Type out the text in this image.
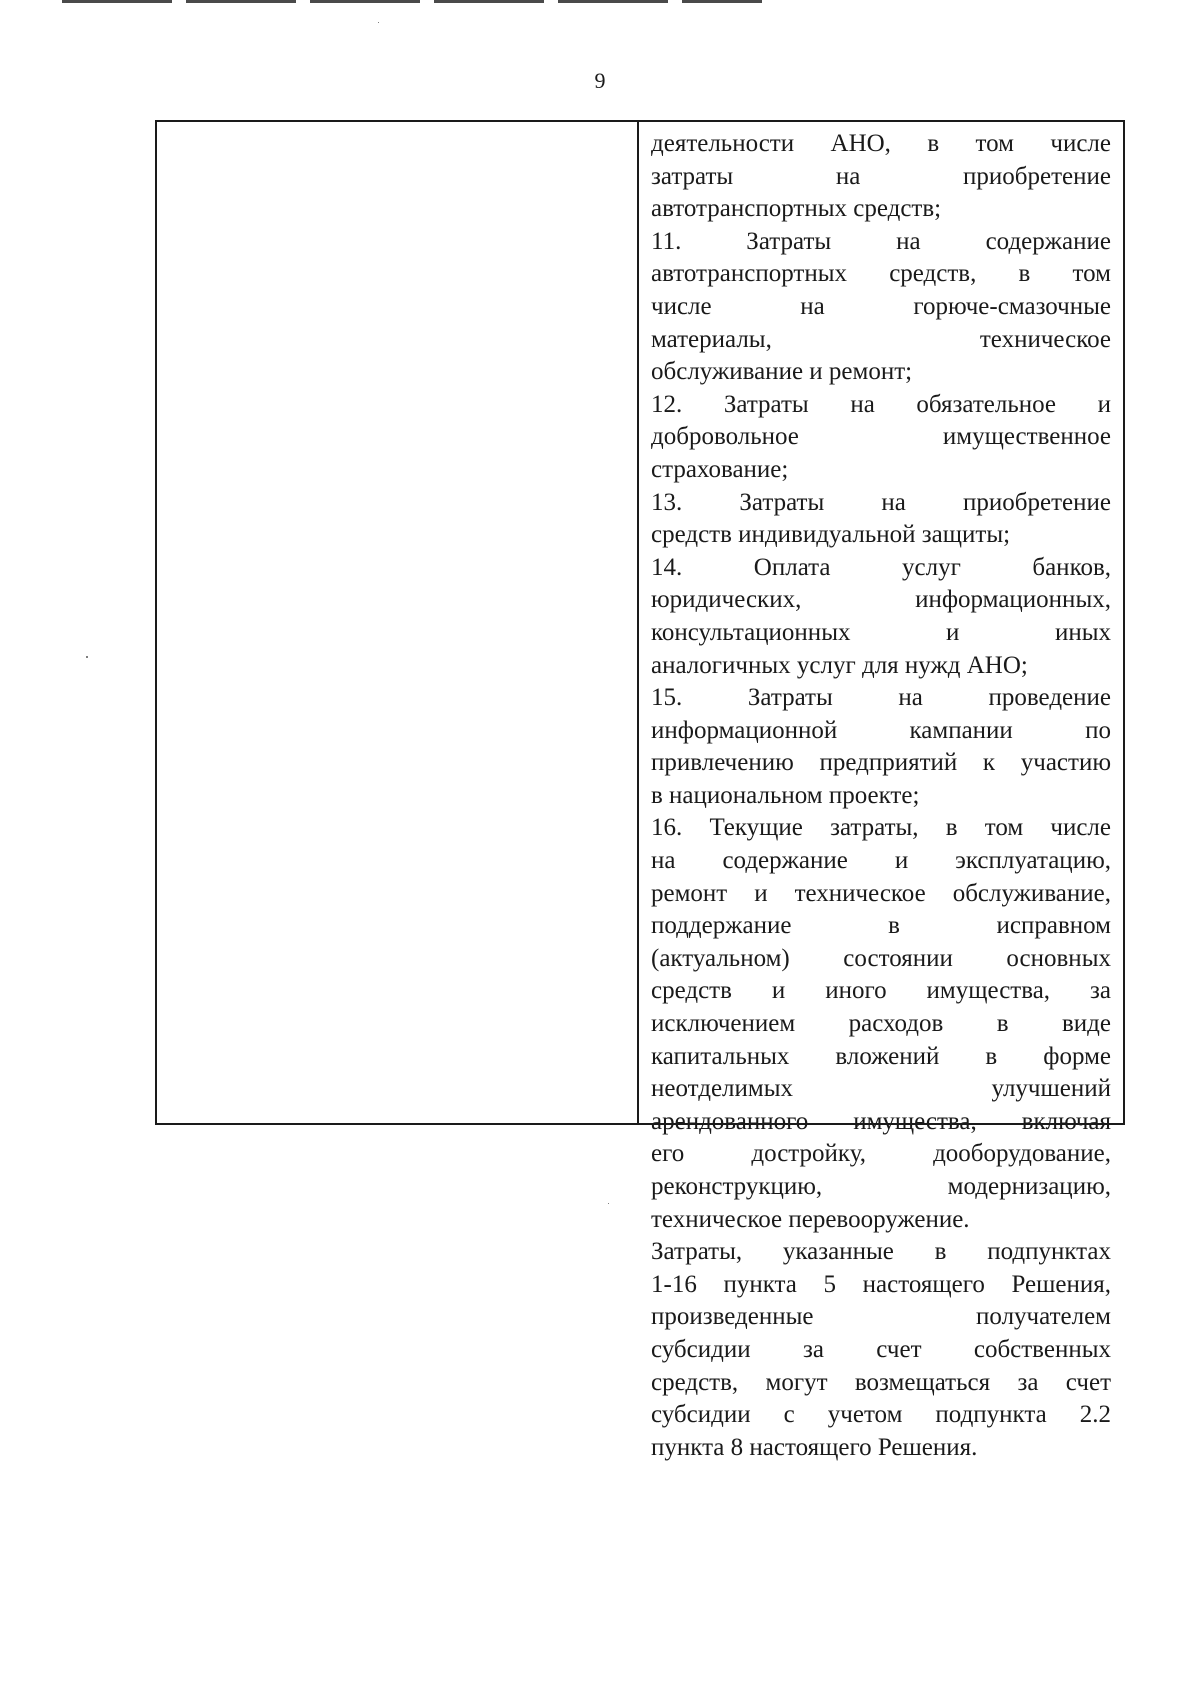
9
деятельности АНО, в том числе
затраты на приобретение
автотранспортных средств;
11. Затраты на содержание
автотранспортных средств, в том
числе на горюче-смазочные
материалы, техническое
обслуживание и ремонт;
12. Затраты на обязательное и
добровольное имущественное
страхование;
13. Затраты на приобретение
средств индивидуальной защиты;
14. Оплата услуг банков,
юридических, информационных,
консультационных и иных
аналогичных услуг для нужд АНО;
15. Затраты на проведение
информационной кампании по
привлечению предприятий к участию
в национальном проекте;
16. Текущие затраты, в том числе
на содержание и эксплуатацию,
ремонт и техническое обслуживание,
поддержание в исправном
(актуальном) состоянии основных
средств и иного имущества, за
исключением расходов в виде
капитальных вложений в форме
неотделимых улучшений
арендованного имущества, включая
его достройку, дооборудование,
реконструкцию, модернизацию,
техническое перевооружение.
Затраты, указанные в подпунктах
1-16 пункта 5 настоящего Решения,
произведенные получателем
субсидии за счет собственных
средств, могут возмещаться за счет
субсидии с учетом подпункта 2.2
пункта 8 настоящего Решения.
